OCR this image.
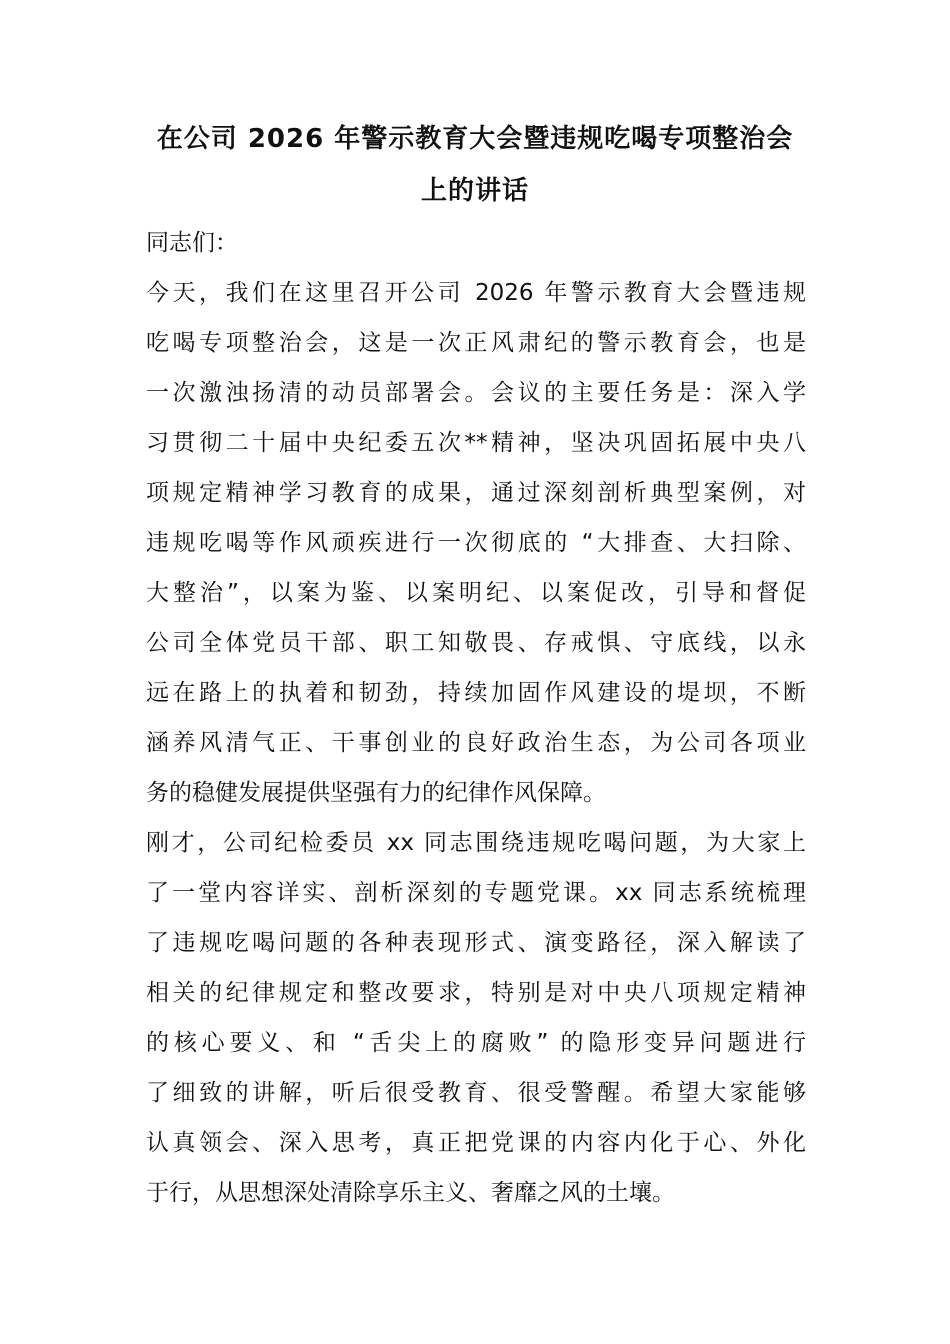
在公司 2026 年警示教育大会暨违规吃喝专项整治会
上的讲话

同志们：

今天，我们在这里召开公司 2026 年警示教育大会暨违规

吃喝专项整治会，这是一次正风肃纪的警示教育会，也是

一次激浊扬清的动员部署会。会议的主要任务是：深入学

习贯彻二十届中央纪委五次**精神，坚决巩固拓展中央八

项规定精神学习教育的成果，通过深刻剖析典型案例，对

违规吃喝等作风顽疾进行一次彻底的 “大排查、大扫除、

大整治”，以案为鉴、以案明纪、以案促改，引导和督促

公司全体党员干部、职工知敬畏、存戒惧、守底线，以永

远在路上的执着和韧劲，持续加固作风建设的堤坝，不断

涵养风清气正、干事创业的良好政治生态，为公司各项业

务的稳健发展提供坚强有力的纪律作风保障。

刚才，公司纪检委员 xx 同志围绕违规吃喝问题，为大家上

了一堂内容详实、剖析深刻的专题党课。xx 同志系统梳理

了违规吃喝问题的各种表现形式、演变路径，深入解读了

相关的纪律规定和整改要求，特别是对中央八项规定精神

的核心要义、和 “舌尖上的腐败” 的隐形变异问题进行

了细致的讲解，听后很受教育、很受警醒。希望大家能够

认真领会、深入思考，真正把党课的内容内化于心、外化

于行，从思想深处清除享乐主义、奢靡之风的土壤。
